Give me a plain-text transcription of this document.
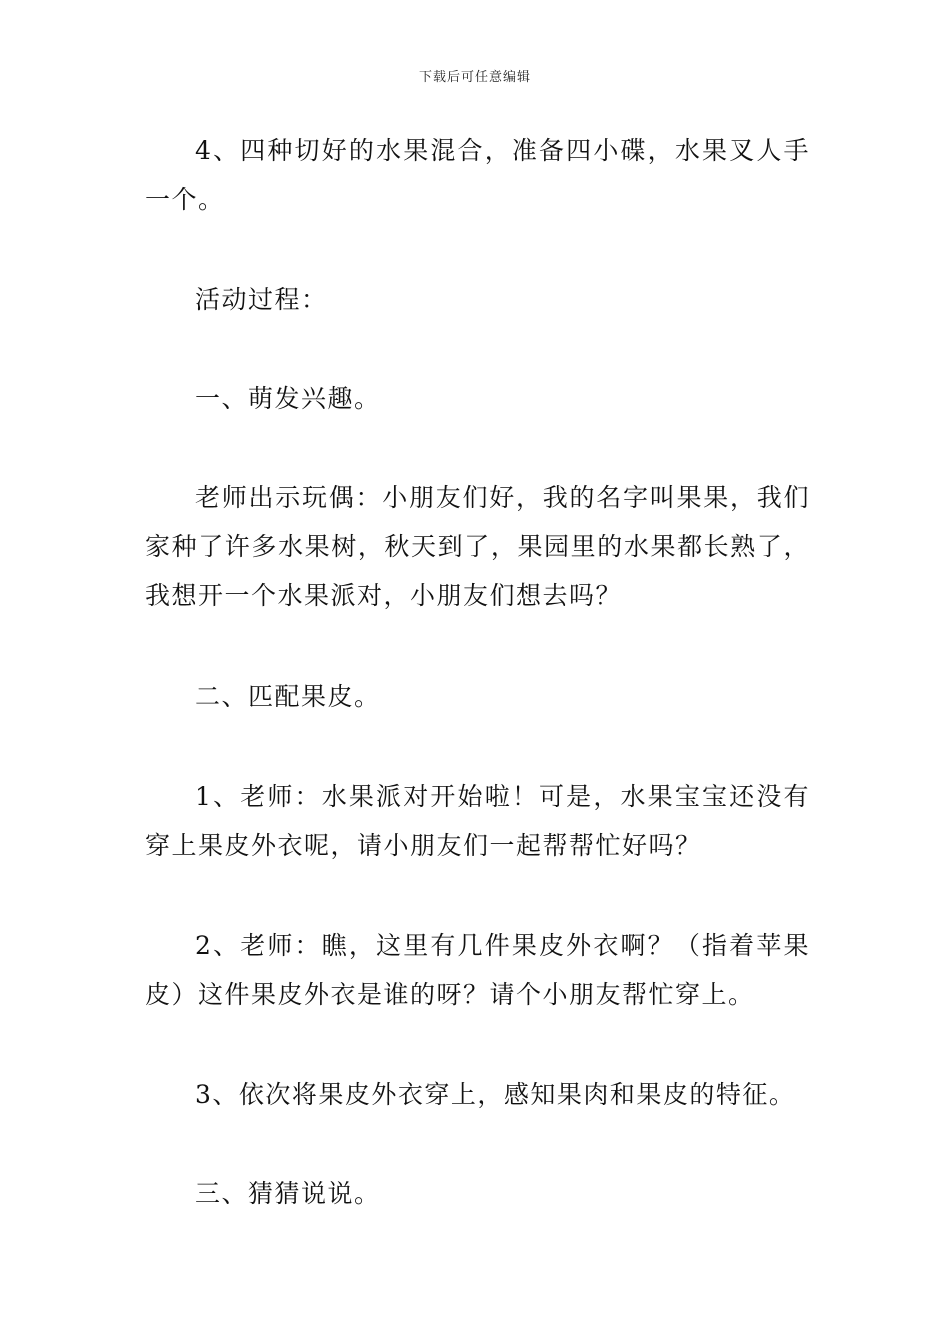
下载后可任意编辑

4、四种切好的水果混合，准备四小碟，水果叉人手一个。

活动过程：

一、萌发兴趣。

老师出示玩偶：小朋友们好，我的名字叫果果，我们家种了许多水果树，秋天到了，果园里的水果都长熟了，我想开一个水果派对，小朋友们想去吗？

二、匹配果皮。

1、老师：水果派对开始啦！可是，水果宝宝还没有穿上果皮外衣呢，请小朋友们一起帮帮忙好吗？

2、老师：瞧，这里有几件果皮外衣啊？（指着苹果皮）这件果皮外衣是谁的呀？请个小朋友帮忙穿上。

3、依次将果皮外衣穿上，感知果肉和果皮的特征。

三、猜猜说说。
